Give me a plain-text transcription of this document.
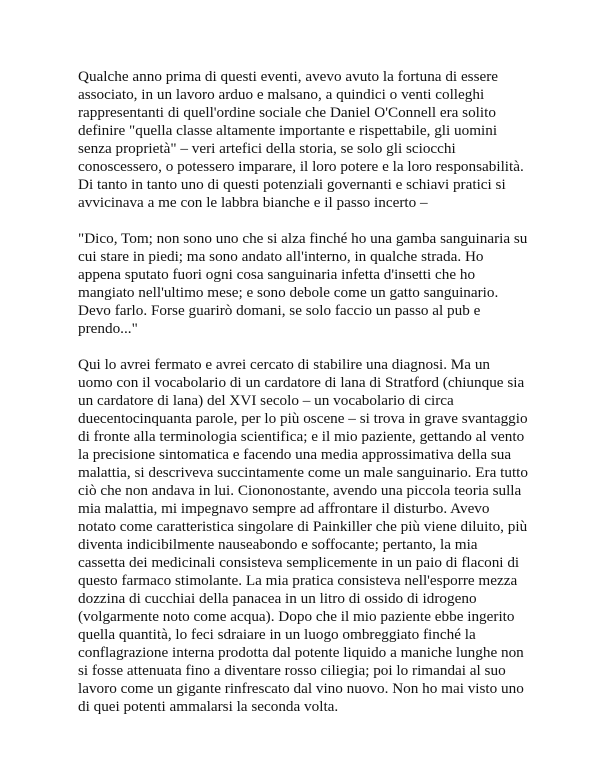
Qualche anno prima di questi eventi, avevo avuto la fortuna di essere associato, in un lavoro arduo e malsano, a quindici o venti colleghi rappresentanti di quell'ordine sociale che Daniel O'Connell era solito definire "quella classe altamente importante e rispettabile, gli uomini senza proprietà" – veri artefici della storia, se solo gli sciocchi conoscessero, o potessero imparare, il loro potere e la loro responsabilità. Di tanto in tanto uno di questi potenziali governanti e schiavi pratici si avvicinava a me con le labbra bianche e il passo incerto –

"Dico, Tom; non sono uno che si alza finché ho una gamba sanguinaria su cui stare in piedi; ma sono andato all'interno, in qualche strada. Ho appena sputato fuori ogni cosa sanguinaria infetta d'insetti che ho mangiato nell'ultimo mese; e sono debole come un gatto sanguinario. Devo farlo. Forse guarirò domani, se solo faccio un passo al pub e prendo..."

Qui lo avrei fermato e avrei cercato di stabilire una diagnosi. Ma un uomo con il vocabolario di un cardatore di lana di Stratford (chiunque sia un cardatore di lana) del XVI secolo – un vocabolario di circa duecentocinquanta parole, per lo più oscene – si trova in grave svantaggio di fronte alla terminologia scientifica; e il mio paziente, gettando al vento la precisione sintomatica e facendo una media approssimativa della sua malattia, si descriveva succintamente come un male sanguinario. Era tutto ciò che non andava in lui. Ciononostante, avendo una piccola teoria sulla mia malattia, mi impegnavo sempre ad affrontare il disturbo. Avevo notato come caratteristica singolare di Painkiller che più viene diluito, più diventa indicibilmente nauseabondo e soffocante; pertanto, la mia cassetta dei medicinali consisteva semplicemente in un paio di flaconi di questo farmaco stimolante. La mia pratica consisteva nell'esporre mezza dozzina di cucchiai della panacea in un litro di ossido di idrogeno (volgarmente noto come acqua). Dopo che il mio paziente ebbe ingerito quella quantità, lo feci sdraiare in un luogo ombreggiato finché la conflagrazione interna prodotta dal potente liquido a maniche lunghe non si fosse attenuata fino a diventare rosso ciliegia; poi lo rimandai al suo lavoro come un gigante rinfrescato dal vino nuovo. Non ho mai visto uno di quei potenti ammalarsi la seconda volta.
